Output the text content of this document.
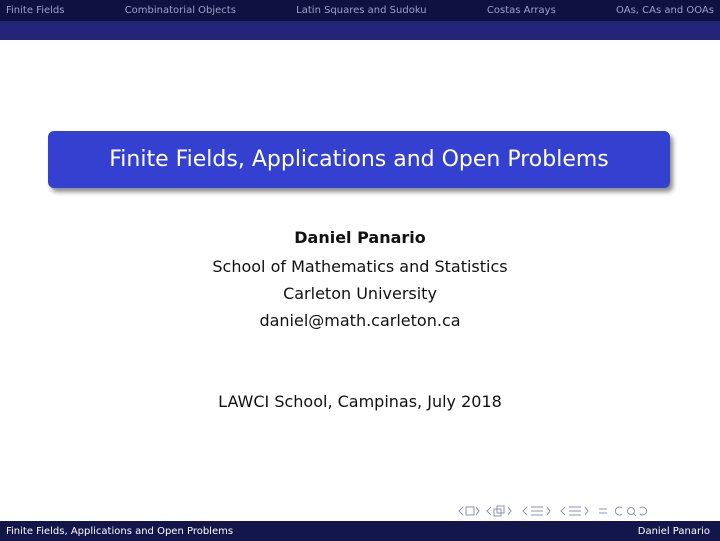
Finite Fields	Combinatorial Objects	Latin Squares and Sudoku	Costas Arrays	OAs, CAs and OOAs
Finite Fields, Applications and Open Problems
Daniel Panario
School of Mathematics and Statistics
Carleton University
daniel@math.carleton.ca
LAWCI School, Campinas, July 2018
Finite Fields, Applications and Open Problems	Daniel Panario
